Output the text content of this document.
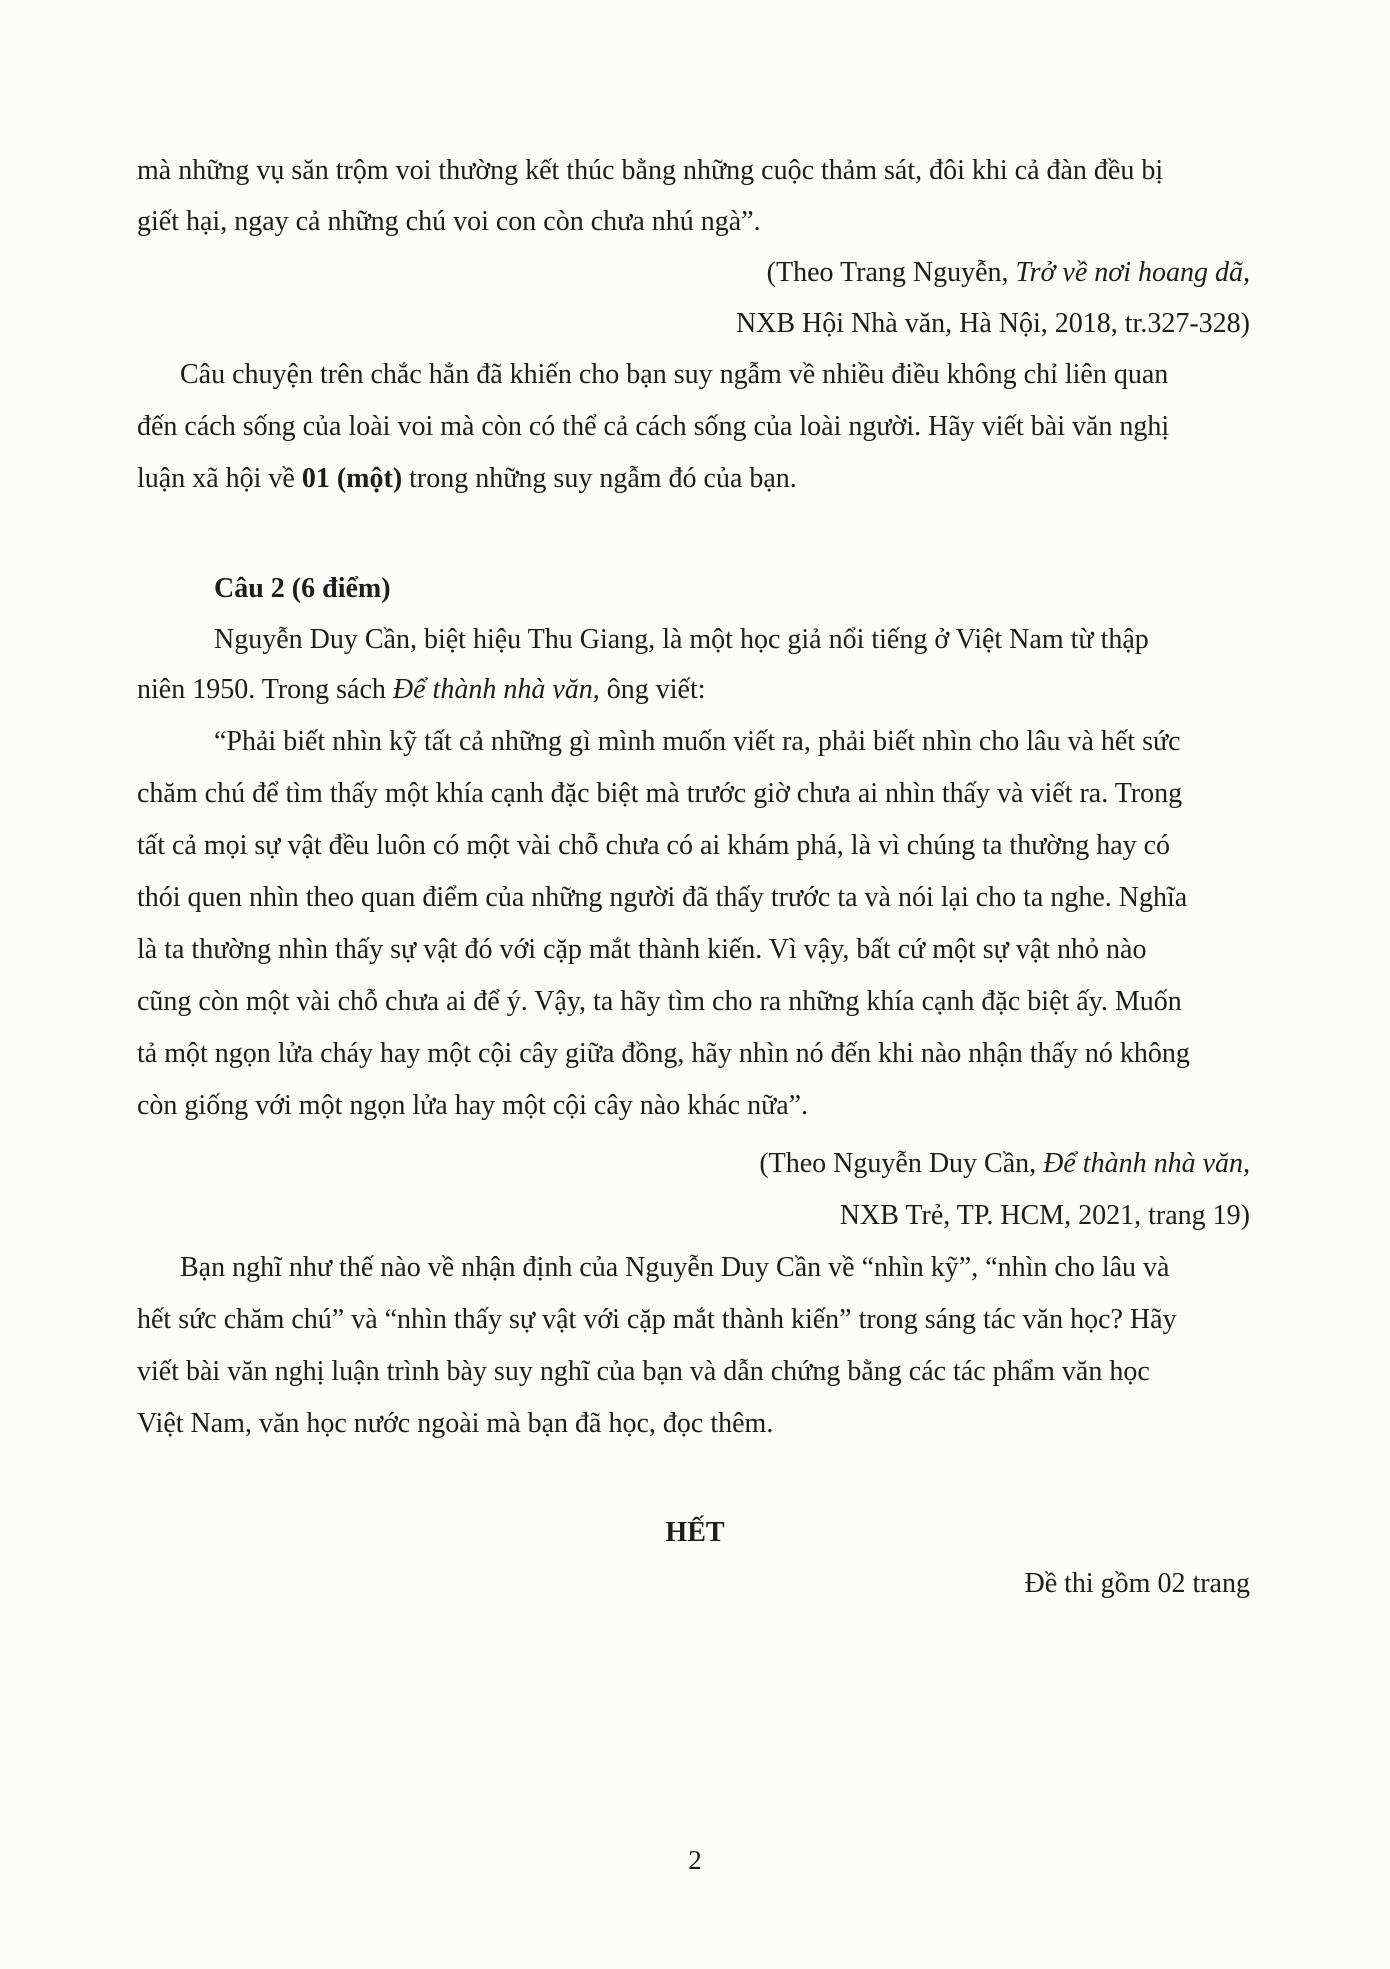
mà những vụ săn trộm voi thường kết thúc bằng những cuộc thảm sát, đôi khi cả đàn đều bị
giết hại, ngay cả những chú voi con còn chưa nhú ngà”.
(Theo Trang Nguyễn, Trở về nơi hoang dã,
NXB Hội Nhà văn, Hà Nội, 2018, tr.327-328)
Câu chuyện trên chắc hẳn đã khiến cho bạn suy ngẫm về nhiều điều không chỉ liên quan
đến cách sống của loài voi mà còn có thể cả cách sống của loài người. Hãy viết bài văn nghị
luận xã hội về 01 (một) trong những suy ngẫm đó của bạn.
Câu 2 (6 điểm)
Nguyễn Duy Cần, biệt hiệu Thu Giang, là một học giả nổi tiếng ở Việt Nam từ thập
niên 1950. Trong sách Để thành nhà văn, ông viết:
“Phải biết nhìn kỹ tất cả những gì mình muốn viết ra, phải biết nhìn cho lâu và hết sức
chăm chú để tìm thấy một khía cạnh đặc biệt mà trước giờ chưa ai nhìn thấy và viết ra. Trong
tất cả mọi sự vật đều luôn có một vài chỗ chưa có ai khám phá, là vì chúng ta thường hay có
thói quen nhìn theo quan điểm của những người đã thấy trước ta và nói lại cho ta nghe. Nghĩa
là ta thường nhìn thấy sự vật đó với cặp mắt thành kiến. Vì vậy, bất cứ một sự vật nhỏ nào
cũng còn một vài chỗ chưa ai để ý. Vậy, ta hãy tìm cho ra những khía cạnh đặc biệt ấy. Muốn
tả một ngọn lửa cháy hay một cội cây giữa đồng, hãy nhìn nó đến khi nào nhận thấy nó không
còn giống với một ngọn lửa hay một cội cây nào khác nữa”.
(Theo Nguyễn Duy Cần, Để thành nhà văn,
NXB Trẻ, TP. HCM, 2021, trang 19)
Bạn nghĩ như thế nào về nhận định của Nguyễn Duy Cần về “nhìn kỹ”, “nhìn cho lâu và
hết sức chăm chú” và “nhìn thấy sự vật với cặp mắt thành kiến” trong sáng tác văn học? Hãy
viết bài văn nghị luận trình bày suy nghĩ của bạn và dẫn chứng bằng các tác phẩm văn học
Việt Nam, văn học nước ngoài mà bạn đã học, đọc thêm.
HẾT
Đề thi gồm 02 trang
2
